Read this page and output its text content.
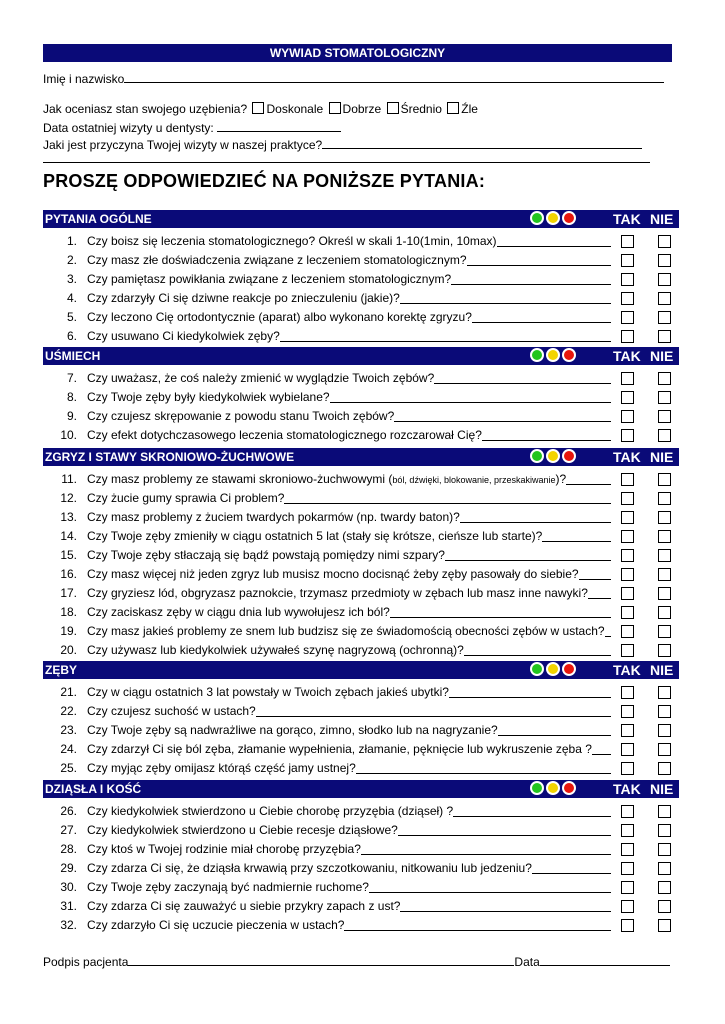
WYWIAD STOMATOLOGICZNY
Imię i nazwisko
Jak oceniasz stan swojego uzębienia? Doskonale Dobrze Średnio Źle
Data ostatniej wizyty u dentysty:
Jaki jest przyczyna Twojej wizyty w naszej praktyce?
PROSZĘ ODPOWIEDZIEĆ NA PONIŻSZE PYTANIA:
PYTANIA OGÓLNE	TAK NIE
1. Czy boisz się leczenia stomatologicznego? Określ w skali 1-10(1min, 10max)
2. Czy masz złe doświadczenia związane z leczeniem stomatologicznym?
3. Czy pamiętasz powikłania związane z leczeniem stomatologicznym?
4. Czy zdarzyły Ci się dziwne reakcje po znieczuleniu (jakie)?
5. Czy leczono Cię ortodontycznie (aparat) albo wykonano korektę zgryzu?
6. Czy usuwano Ci kiedykolwiek zęby?
UŚMIECH	TAK NIE
7. Czy uważasz, że coś należy zmienić w wyglądzie Twoich zębów?
8. Czy Twoje zęby były kiedykolwiek wybielane?
9. Czy czujesz skrępowanie z powodu stanu Twoich zębów?
10. Czy efekt dotychczasowego leczenia stomatologicznego rozczarował Cię?
ZGRYZ I STAWY SKRONIOWO-ŻUCHWOWE	TAK NIE
11. Czy masz problemy ze stawami skroniowo-żuchwowymi (ból, dźwięki, blokowanie, przeskakiwanie)?
12. Czy żucie gumy sprawia Ci problem?
13. Czy masz problemy z żuciem twardych pokarmów (np. twardy baton)?
14. Czy Twoje zęby zmieniły w ciągu ostatnich 5 lat (stały się krótsze, cieńsze lub starte)?
15. Czy Twoje zęby stłaczają się bądź powstają pomiędzy nimi szpary?
16. Czy masz więcej niż jeden zgryz lub musisz mocno docisnąć żeby zęby pasowały do siebie?
17. Czy gryziesz lód, obgryzasz paznokcie, trzymasz przedmioty w zębach lub masz inne nawyki?
18. Czy zaciskasz zęby w ciągu dnia lub wywołujesz ich ból?
19. Czy masz jakieś problemy ze snem lub budzisz się ze świadomością obecności zębów w ustach?
20. Czy używasz lub kiedykolwiek używałeś szynę nagryzową (ochronną)?
ZĘBY	TAK NIE
21. Czy w ciągu ostatnich 3 lat powstały w Twoich zębach jakieś ubytki?
22. Czy czujesz suchość w ustach?
23. Czy Twoje zęby są nadwrażliwe na gorąco, zimno, słodko lub na nagryzanie?
24. Czy zdarzył Ci się ból zęba, złamanie wypełnienia, złamanie, pęknięcie lub wykruszenie zęba ?
25. Czy myjąc zęby omijasz którąś część jamy ustnej?
DZIĄSŁA I KOŚĆ	TAK NIE
26. Czy kiedykolwiek stwierdzono u Ciebie chorobę przyzębia (dziąseł) ?
27. Czy kiedykolwiek stwierdzono u Ciebie recesje dziąsłowe?
28. Czy ktoś w Twojej rodzinie miał chorobę przyzębia?
29. Czy zdarza Ci się, że dziąsła krwawią przy szczotkowaniu, nitkowaniu lub jedzeniu?
30. Czy Twoje zęby zaczynają być nadmiernie ruchome?
31. Czy zdarza Ci się zauważyć u siebie przykry zapach z ust?
32. Czy zdarzyło Ci się uczucie pieczenia w ustach?
Podpis pacjenta	Data
